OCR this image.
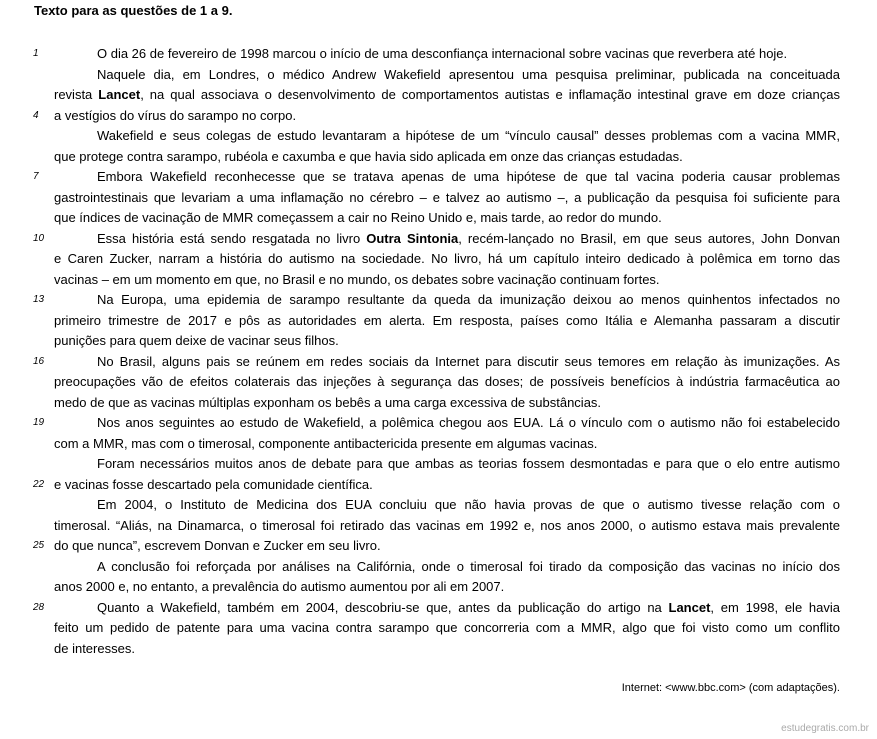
Texto para as questões de 1 a 9.
1	O dia 26 de fevereiro de 1998 marcou o início de uma desconfiança internacional sobre vacinas que reverbera até hoje.
Naquele dia, em Londres, o médico Andrew Wakefield apresentou uma pesquisa preliminar, publicada na conceituada
revista Lancet, na qual associava o desenvolvimento de comportamentos autistas e inflamação intestinal grave em doze crianças
4	a vestígios do vírus do sarampo no corpo.
Wakefield e seus colegas de estudo levantaram a hipótese de um “vínculo causal” desses problemas com a vacina MMR,
que protege contra sarampo, rubéola e caxumba e que havia sido aplicada em onze das crianças estudadas.
7	Embora Wakefield reconhecesse que se tratava apenas de uma hipótese de que tal vacina poderia causar problemas
gastrointestinais que levariam a uma inflamação no cérebro – e talvez ao autismo –, a publicação da pesquisa foi suficiente para
que índices de vacinação de MMR começassem a cair no Reino Unido e, mais tarde, ao redor do mundo.
10	Essa história está sendo resgatada no livro Outra Sintonia, recém-lançado no Brasil, em que seus autores, John Donvan
e Caren Zucker, narram a história do autismo na sociedade. No livro, há um capítulo inteiro dedicado à polêmica em torno das
vacinas – em um momento em que, no Brasil e no mundo, os debates sobre vacinação continuam fortes.
13	Na Europa, uma epidemia de sarampo resultante da queda da imunização deixou ao menos quinhentos infectados no
primeiro trimestre de 2017 e pôs as autoridades em alerta. Em resposta, países como Itália e Alemanha passaram a discutir
punições para quem deixe de vacinar seus filhos.
16	No Brasil, alguns pais se reúnem em redes sociais da Internet para discutir seus temores em relação às imunizações. As
preocupações vão de efeitos colaterais das injeções à segurança das doses; de possíveis benefícios à indústria farmacêutica ao
medo de que as vacinas múltiplas exponham os bebês a uma carga excessiva de substâncias.
19	Nos anos seguintes ao estudo de Wakefield, a polêmica chegou aos EUA. Lá o vínculo com o autismo não foi estabelecido
com a MMR, mas com o timerosal, componente antibactericida presente em algumas vacinas.
Foram necessários muitos anos de debate para que ambas as teorias fossem desmontadas e para que o elo entre autismo
22 e vacinas fosse descartado pela comunidade científica.
Em 2004, o Instituto de Medicina dos EUA concluiu que não havia provas de que o autismo tivesse relação com o
timerosal. “Aliás, na Dinamarca, o timerosal foi retirado das vacinas em 1992 e, nos anos 2000, o autismo estava mais prevalente
25 do que nunca”, escrevem Donvan e Zucker em seu livro.
A conclusão foi reforçada por análises na Califórnia, onde o timerosal foi tirado da composição das vacinas no início dos
anos 2000 e, no entanto, a prevalência do autismo aumentou por ali em 2007.
28	Quanto a Wakefield, também em 2004, descobriu-se que, antes da publicação do artigo na Lancet, em 1998, ele havia
feito um pedido de patente para uma vacina contra sarampo que concorreria com a MMR, algo que foi visto como um conflito
de interesses.
Internet: <www.bbc.com> (com adaptações).
estudegratis.com.br
